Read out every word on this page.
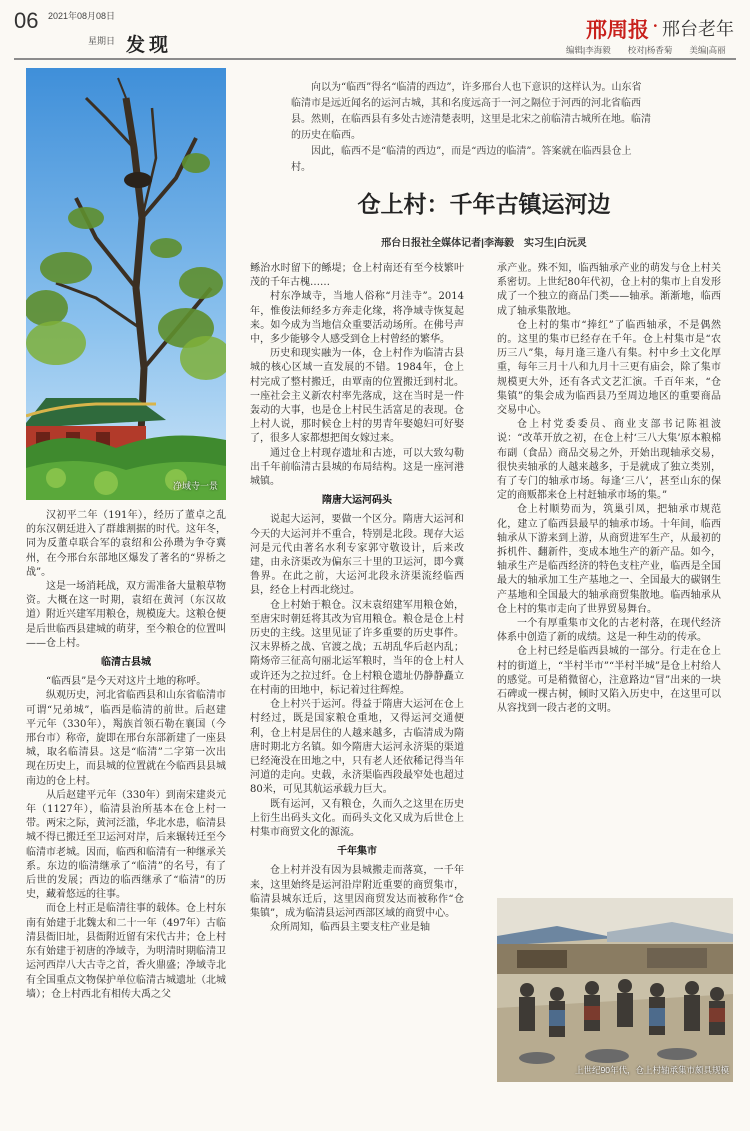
06 2021年08月08日
星期日 发现
邢周报 · 邢台老年
编辑|李海毅　　校对|杨香菊　　美编|高丽
净域寺一景

向以为“临西”得名“临清的西边”，许多邢台人也下意识的这样认为。山东省临清市是远近闻名的运河古城，其和名度远高于一河之隔位于河西的河北省临西县。然则，在临西县有多处古迹清楚表明，这里是北宋之前临清古城所在地。临清的历史在临西。

因此，临西不是“临清的西边”，而是“西边的临清”。答案就在临西县仓上村。

仓上村：千年古镇运河边
邢台日报社全媒体记者|李海毅　实习生|白沅灵

汉初平二年（191年），经历了董卓之乱的东汉朝廷进入了群雄割据的时代。这年冬，同为反董卓联合军的袁绍和公孙瓒为争夺冀州，在今邢台东部地区爆发了著名的“界桥之战”。

这是一场消耗战，双方需准备大量粮草物资。大概在这一时期，袁绍在黄河（东汉故道）附近兴建军用粮仓，规模庞大。这粮仓便是后世临西县建城的萌芽，至今粮仓的位置叫——仓上村。

临清古县城

“临西县”是今天对这片土地的称呼。

纵观历史，河北省临西县和山东省临清市可谓“兄弟城”，临西是临清的前世。后赵建平元年（330年），羯族首领石勒在襄国（今邢台市）称帝，旋即在邢台东部新建了一座县城，取名临清县。这是“临清”二字第一次出现在历史上，而县城的位置就在今临西县县城南边的仓上村。

从后赵建平元年（330年）到南宋建炎元年（1127年），临清县治所基本在仓上村一带。两宋之际，黄河泛滥，华北水患，临清县城不得已搬迁至卫运河对岸，后来辗转迁至今临清市老城。因而，临西和临清有一种继承关系。东边的临清继承了“临清”的名号，有了后世的发展；西边的临西继承了“临清”的历史，藏着悠远的往事。

而仓上村正是临清往事的载体。仓上村东南有始建于北魏太和二十一年（497年）古临清县衙旧址，县衙附近留有宋代古井；仓上村东有始建于初唐的净域寺，为明清时期临清卫运河西岸八大古寺之首，香火鼎盛；净域寺北有全国重点文物保护单位临清古城遗址（北城墙）；仓上村西北有相传大禹之父

鲧治水时留下的鲧堤；仓上村南还有至今枝繁叶茂的千年古槐……

村东净域寺，当地人俗称“月洼寺”。2014年，惟俊法师经多方奔走化缘，将净域寺恢复起来。如今成为当地信众重要活动场所。在佛号声中，多少能够令人感受到仓上村曾经的繁华。

历史和现实融为一体，仓上村作为临清古县城的核心区域一直发展的不错。1984年，仓上村完成了整村搬迁，由覃南的位置搬迁到村北。一座社会主义新农村率先落成，这在当时是一件轰动的大事，也是仓上村民生活富足的表现。仓上村人说，那时候仓上村的男青年娶媳妇可好娶了，很多人家都想把闺女嫁过来。

通过仓上村现存遗址和古迹，可以大致勾勒出千年前临清古县城的布局结构。这是一座河港城镇。

隋唐大运河码头

说起大运河，要做一个区分。隋唐大运河和今天的大运河并不重合，特别是北段。现存大运河是元代由著名水利专家郭守敬设计，后来改建，由永济渠改为偏东三十里的卫运河，即今冀鲁界。在此之前，大运河北段永济渠流经临西县，经仓上村西北绕过。

仓上村始于粮仓。汉末袁绍建军用粮仓始，至唐宋时朝廷将其改为官用粮仓。粮仓是仓上村历史的主线。这里见证了许多重要的历史事件。汉末界桥之战、官渡之战；五胡乱华后赵内乱；隋炀帝三征高句丽北运军粮时，当年的仓上村人或许还为之拉过纤。仓上村粮仓遗址仍静静矗立在村南的田地中，标记着过往辉煌。

仓上村兴于运河。得益于隋唐大运河在仓上村经过，既是国家粮仓重地，又得运河交通便利，仓上村是居住的人越来越多，古临清成为隋唐时期北方名镇。如今隋唐大运河永济渠的渠道已经淹没在田地之中，只有老人还依稀记得当年河道的走向。史载，永济渠临西段最窄处也超过80米，可见其航运承载力巨大。

既有运河，又有粮仓，久而久之这里在历史上衍生出码头文化。而码头文化又成为后世仓上村集市商贸文化的源流。

千年集市

仓上村并没有因为县城搬走而落寞，一千年来，这里始终是运河沿岸附近重要的商贸集市，临清县城东迁后，这里因商贸发达而被称作“仓集镇”，成为临清县运河西部区域的商贸中心。

众所周知，临西县主要支柱产业是轴

承产业。殊不知，临西轴承产业的萌发与仓上村关系密切。上世纪80年代初，仓上村的集市上自发形成了一个独立的商品门类——轴承。渐渐地，临西成了轴承集散地。

仓上村的集市“捧红”了临西轴承，不是偶然的。这里的集市已经存在千年。仓上村集市是“农历三八”集，每月逢三逢八有集。村中乡土文化厚重，每年三月十八和九月十三更有庙会，除了集市规模更大外，还有各式文艺汇演。千百年来，“仓集镇”的集会成为临西县乃至周边地区的重要商品交易中心。

仓上村党委委员、商业支部书记陈祖波说：“改革开放之初，在仓上村‘三八大集’原本粮棉布副（食品）商品交易之外，开始出现轴承交易，很快卖轴承的人越来越多，于是就成了独立类别，有了专门的轴承市场。每逢‘三八’，甚至山东的保定的商贩都来仓上村赶轴承市场的集。”

仓上村顺势而为，筑巢引凤，把轴承市规范化，建立了临西县最早的轴承市场。十年间，临西轴承从下游来到上游，从商贸进军生产，从最初的拆机件、翻新件，变成本地生产的新产品。如今，轴承生产是临西经济的特色支柱产业，临西是全国最大的轴承加工生产基地之一、全国最大的碳钢生产基地和全国最大的轴承商贸集散地。临西轴承从仓上村的集市走向了世界贸易舞台。

一个有厚重集市文化的古老村落，在现代经济体系中创造了新的成绩。这是一种生动的传承。

仓上村已经是临西县城的一部分。行走在仓上村的街道上，“半村半市”“半村半城”是仓上村给人的感觉。可是稍微留心，注意路边“冒”出来的一块石碑或一棵古树，倾时又陷入历史中，在这里可以从容找到一段古老的文明。

上世纪90年代，仓上村轴承集市颇具规模
